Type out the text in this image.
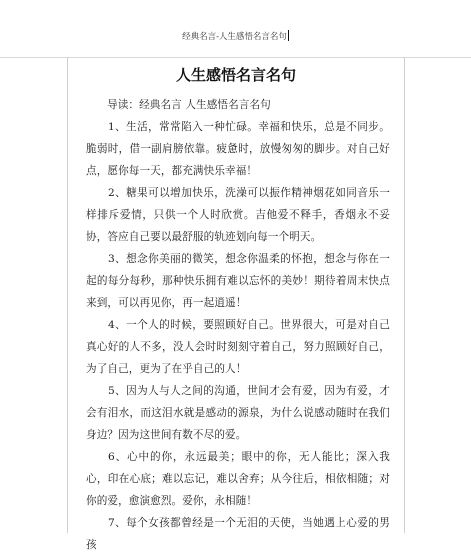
经典名言-人生感悟名言名句
人生感悟名言名句

导读：经典名言 人生感悟名言名句

1、生活，常常陷入一种忙碌。幸福和快乐，总是不同步。脆弱时，借一副肩膀依靠。疲惫时，放慢匆匆的脚步。对自己好点，愿你每一天，都充满快乐幸福！

2、糖果可以增加快乐，洗澡可以振作精神烟花如同音乐一样排斥爱情，只供一个人时欣赏。吉他爱不释手，香烟永不妥协，答应自己要以最舒服的轨迹划向每一个明天。

3、想念你美丽的微笑，想念你温柔的怀抱，想念与你在一起的每分每秒，那种快乐拥有难以忘怀的美妙！期待着周末快点来到，可以再见你，再一起逍遥！

4、一个人的时候，要照顾好自己。世界很大，可是对自己真心好的人不多，没人会时时刻刻守着自己，努力照顾好自己，为了自己，更为了在乎自己的人！

5、因为人与人之间的沟通，世间才会有爱，因为有爱，才会有泪水，而这泪水就是感动的源泉，为什么说感动随时在我们身边？因为这世间有数不尽的爱。

6、心中的你，永远最美；眼中的你，无人能比；深入我心，印在心底；难以忘记，难以舍弃；从今往后，相依相随；对你的爱，愈演愈烈。爱你，永相随！

7、每个女孩都曾经是一个无泪的天使，当她遇上心爱的男孩
